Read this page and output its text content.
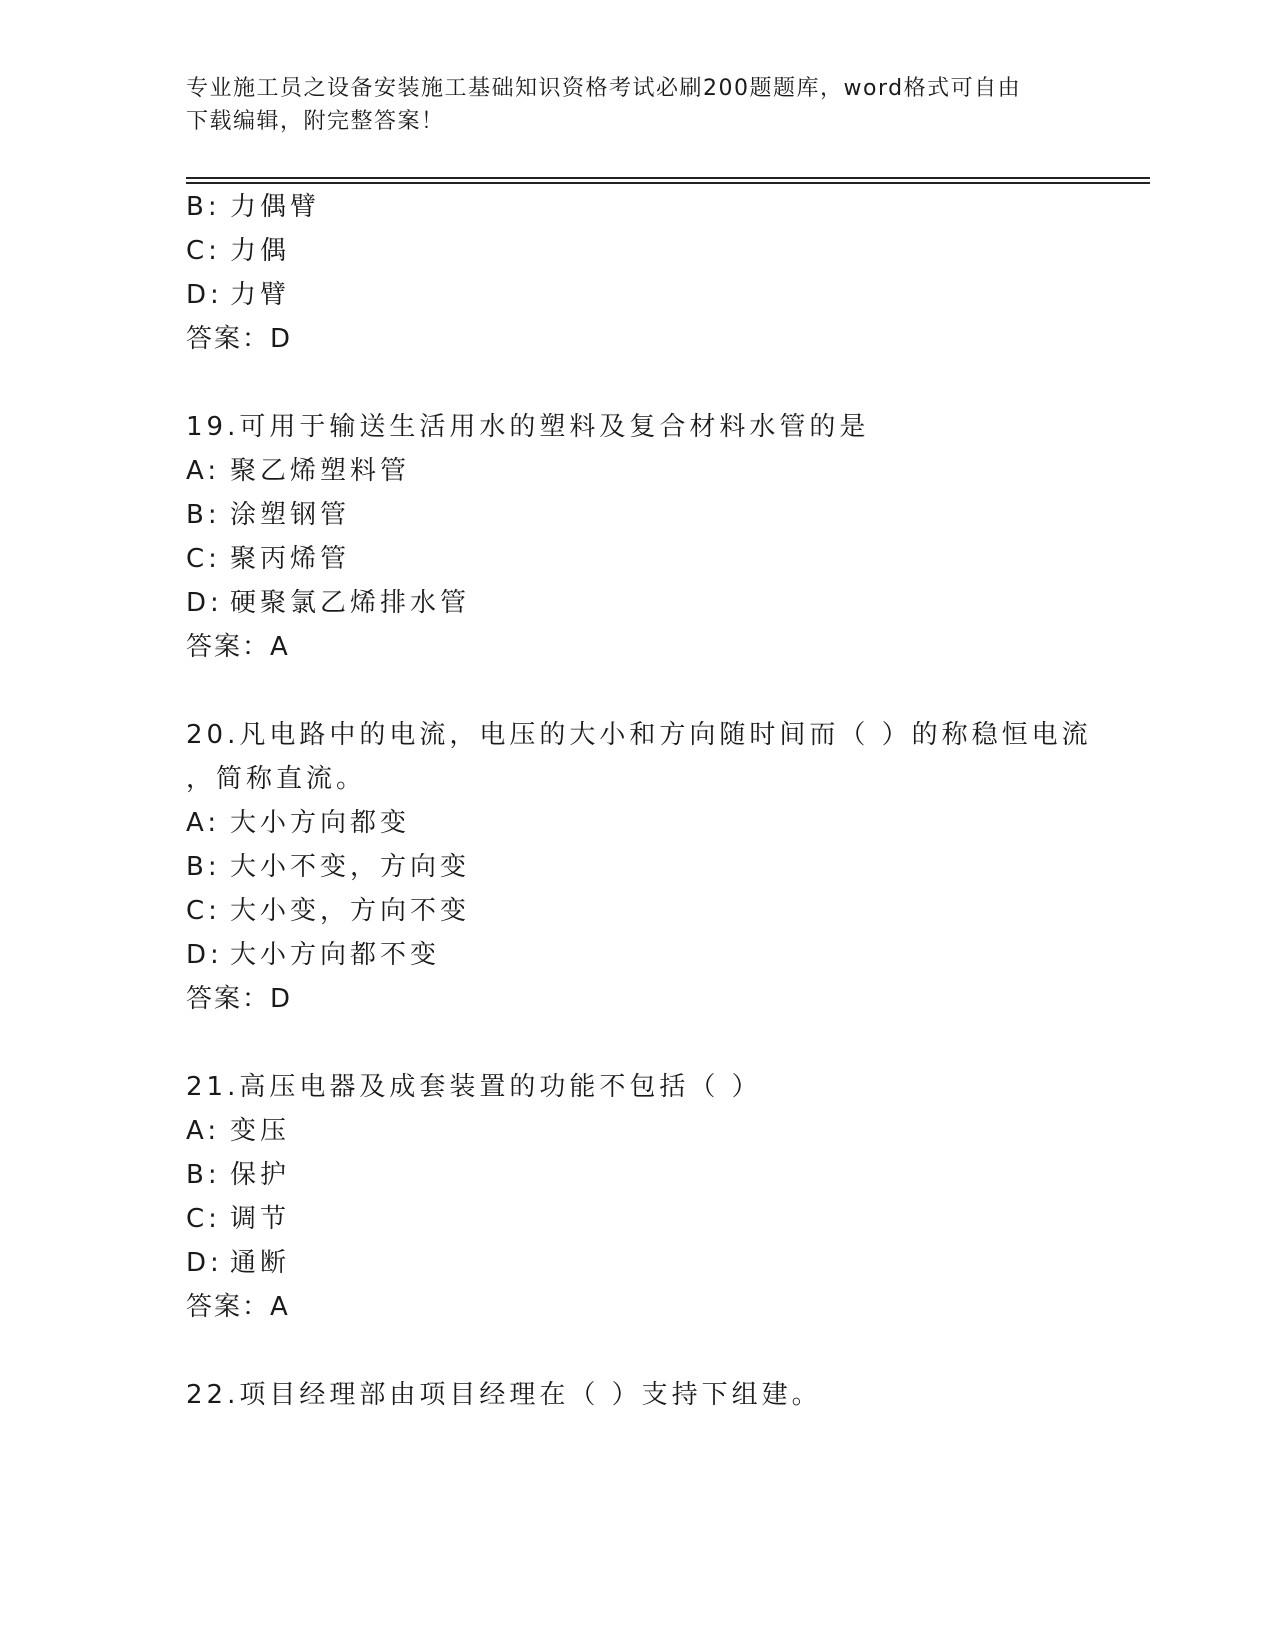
专业施工员之设备安装施工基础知识资格考试必刷200题题库，word格式可自由
下载编辑，附完整答案！
B: 力偶臂
C: 力偶
D: 力臂
答案：D
19.可用于输送生活用水的塑料及复合材料水管的是
A: 聚乙烯塑料管
B: 涂塑钢管
C: 聚丙烯管
D: 硬聚氯乙烯排水管
答案：A
20.凡电路中的电流，电压的大小和方向随时间而（ ）的称稳恒电流
，简称直流。
A: 大小方向都变
B: 大小不变，方向变
C: 大小变，方向不变
D: 大小方向都不变
答案：D
21.高压电器及成套装置的功能不包括（ ）
A: 变压
B: 保护
C: 调节
D: 通断
答案：A
22.项目经理部由项目经理在（ ）支持下组建。
